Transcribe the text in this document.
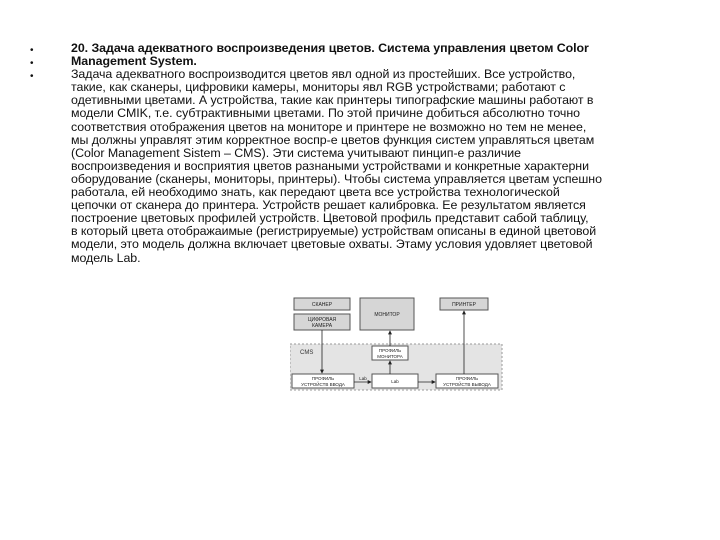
•
•
•

20. Задача адекватного воспроизведения цветов. Система управления цветом Color

Management System.

Задача адекватного воспроизводится цветов явл одной из простейших. Все устройство,

такие, как сканеры, цифровики камеры, мониторы явл RGB устройствами; работают с

одетивными цветами. А устройства, такие как принтеры типографские машины работают в

модели CMIK, т.е. субтрактивными цветами. По этой причине добиться абсолютно точно

соответствия отображения цветов на мониторе и принтере не возможно но тем не менее,

мы должны управлят этим корректное воспр-е цветов функция систем управляться цветам

(Color Management Sistem – CMS). Эти системa учитывают пинцип-е различие

воспроизведения и восприятия цветов разнаными устройствами и конкретные характерни

оборудование (сканеры, мониторы, принтеры). Чтобы система управляется цветам успешно

работала, ей необходимо знать, как передают цвета все устройства технологической

цепочки от сканера до принтера. Устройств решает калибровка. Ее результатом является

построение цветовых профилей устройств. Цветовой профиль представит сабой таблицу,

в который цвета отображаимые (регистрируемые) устройствам описаны в единой цветовой

модели, это модель должна включает цветовые охваты. Этаму условия удовляет цветовой

модель Lab.

CMS
СКАНЕР
ЦИФРОВАЯ
КАМЕРА
МОНИТОР
ПРИНТЕР
ПРОФИЛЬ
МОНИТОРА
ПРОФИЛЬ
УСТРОЙСТВ ВВОДА
Lab
ПРОФИЛЬ
УСТРОЙСТВ ВЫВОДА
Lab
